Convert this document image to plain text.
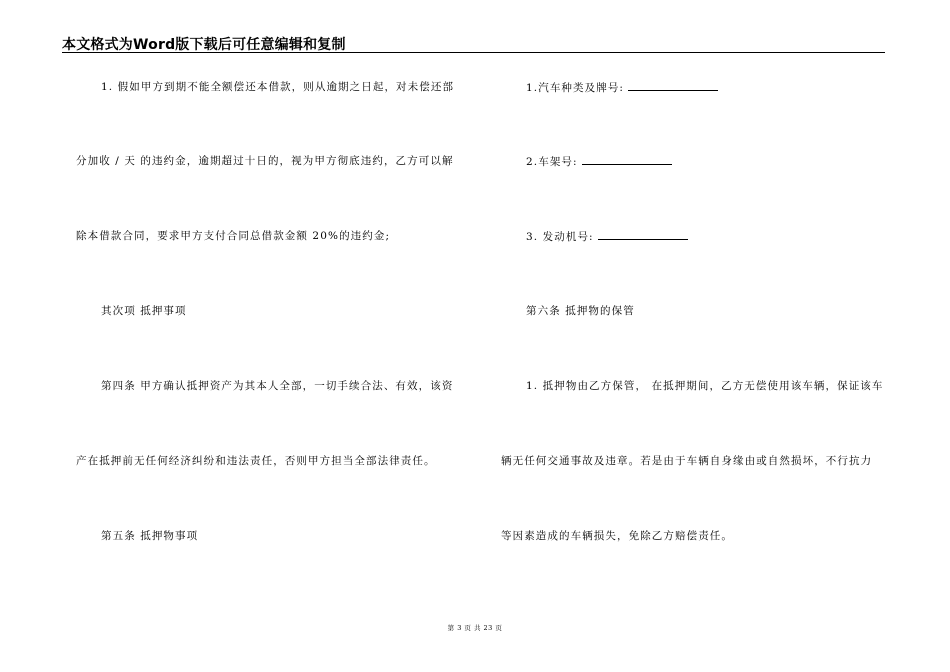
本文格式为Word版下载后可任意编辑和复制
1. 假如甲方到期不能全额偿还本借款，则从逾期之日起，对未偿还部
分加收 / 天 的违约金，逾期超过十日的，视为甲方彻底违约，乙方可以解
除本借款合同，要求甲方支付合同总借款金额 20%的违约金;
其次项 抵押事项
第四条 甲方确认抵押资产为其本人全部，一切手续合法、有效，该资
产在抵押前无任何经济纠纷和违法责任，否则甲方担当全部法律责任。
第五条 抵押物事项
1.汽车种类及牌号:
2.车架号:
3. 发动机号:
第六条 抵押物的保管
1. 抵押物由乙方保管， 在抵押期间，乙方无偿使用该车辆，保证该车
辆无任何交通事故及违章。若是由于车辆自身缘由或自然损坏，不行抗力
等因素造成的车辆损失，免除乙方赔偿责任。
第 3 页 共 23 页
